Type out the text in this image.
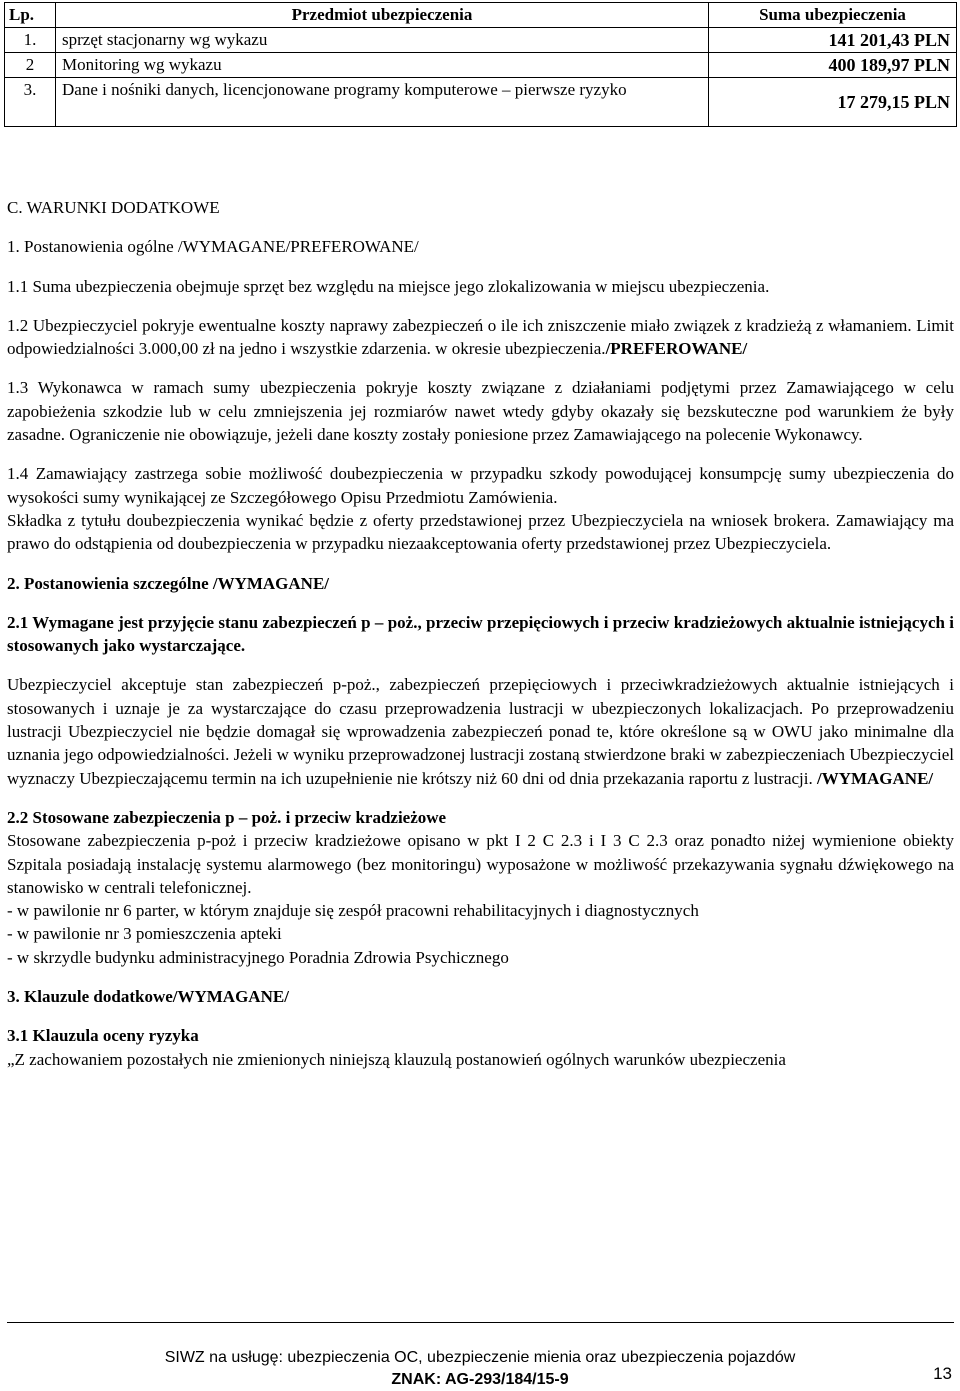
Lp.	Przedmiot ubezpieczenia	Suma ubezpieczenia
1.	sprzęt stacjonarny wg wykazu	141 201,43 PLN
2	Monitoring wg wykazu	400 189,97 PLN
3.	Dane i nośniki danych, licencjonowane programy komputerowe – pierwsze ryzyko	17 279,15 PLN

C. WARUNKI DODATKOWE

1. Postanowienia ogólne /WYMAGANE/PREFEROWANE/

1.1 Suma ubezpieczenia obejmuje sprzęt bez względu na miejsce jego zlokalizowania w miejscu ubezpieczenia.

1.2 Ubezpieczyciel pokryje ewentualne koszty naprawy zabezpieczeń o ile ich zniszczenie miało związek z kradzieżą z włamaniem. Limit odpowiedzialności 3.000,00 zł na jedno i wszystkie zdarzenia. w okresie ubezpieczenia./PREFEROWANE/

1.3 Wykonawca w ramach sumy ubezpieczenia pokryje koszty związane z działaniami podjętymi przez Zamawiającego w celu zapobieżenia szkodzie lub w celu zmniejszenia jej rozmiarów nawet wtedy gdyby okazały się bezskuteczne pod warunkiem że były zasadne. Ograniczenie nie obowiązuje, jeżeli dane koszty zostały poniesione przez Zamawiającego na polecenie Wykonawcy.

1.4 Zamawiający zastrzega sobie możliwość doubezpieczenia w przypadku szkody powodującej konsumpcję sumy ubezpieczenia do wysokości sumy wynikającej ze Szczegółowego Opisu Przedmiotu Zamówienia.

Składka z tytułu doubezpieczenia wynikać będzie z oferty przedstawionej przez Ubezpieczyciela na wniosek brokera. Zamawiający ma prawo do odstąpienia od doubezpieczenia w przypadku niezaakceptowania oferty przedstawionej przez Ubezpieczyciela.

2. Postanowienia szczególne /WYMAGANE/

2.1 Wymagane jest przyjęcie stanu zabezpieczeń p – poż., przeciw przepięciowych i przeciw kradzieżowych aktualnie istniejących i stosowanych jako wystarczające.

Ubezpieczyciel akceptuje stan zabezpieczeń p-poż., zabezpieczeń przepięciowych i przeciwkradzieżowych aktualnie istniejących i stosowanych i uznaje je za wystarczające do czasu przeprowadzenia lustracji w ubezpieczonych lokalizacjach. Po przeprowadzeniu lustracji Ubezpieczyciel nie będzie domagał się wprowadzenia zabezpieczeń ponad te, które określone są w OWU jako minimalne dla uznania jego odpowiedzialności. Jeżeli w wyniku przeprowadzonej lustracji zostaną stwierdzone braki w zabezpieczeniach Ubezpieczyciel wyznaczy Ubezpieczającemu termin na ich uzupełnienie nie krótszy niż 60 dni od dnia przekazania raportu z lustracji. /WYMAGANE/

2.2 Stosowane zabezpieczenia p – poż. i przeciw kradzieżowe

Stosowane zabezpieczenia p-poż i przeciw kradzieżowe opisano w pkt I 2 C 2.3 i I 3 C 2.3 oraz ponadto niżej wymienione obiekty Szpitala posiadają instalację systemu alarmowego (bez monitoringu) wyposażone w możliwość przekazywania sygnału dźwiękowego na stanowisko w centrali telefonicznej.

- w pawilonie nr 6 parter, w którym znajduje się zespół pracowni rehabilitacyjnych i diagnostycznych

- w pawilonie nr 3 pomieszczenia apteki

- w skrzydle budynku administracyjnego Poradnia Zdrowia Psychicznego

3. Klauzule dodatkowe/WYMAGANE/

3.1 Klauzula oceny ryzyka

„Z zachowaniem pozostałych nie zmienionych niniejszą klauzulą postanowień ogólnych warunków ubezpieczenia

SIWZ na usługę: ubezpieczenia OC, ubezpieczenie mienia oraz ubezpieczenia pojazdów
ZNAK: AG-293/184/15-9	13
